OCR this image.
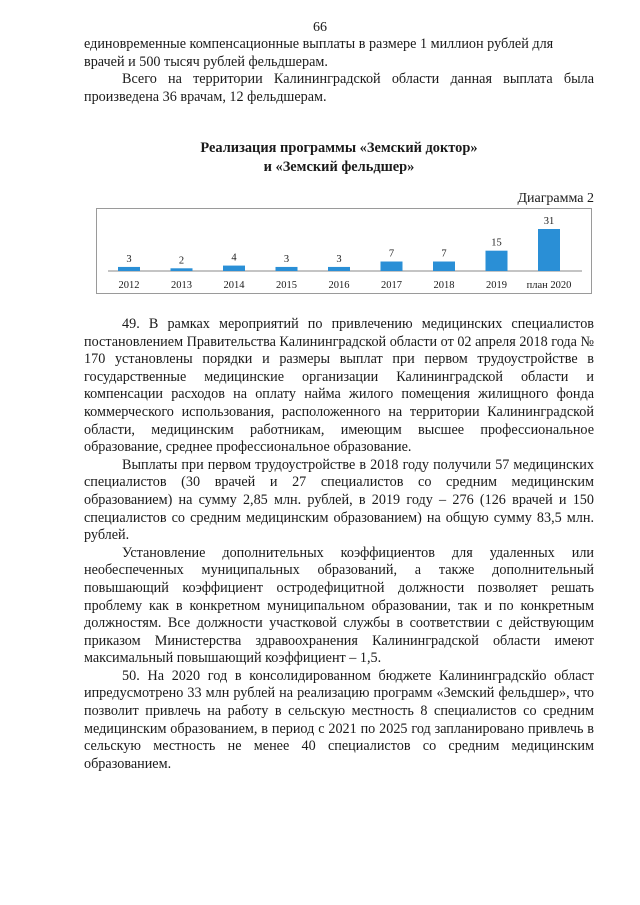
66

единовременные компенсационные выплаты в размере 1 миллион рублей для

врачей и 500 тысяч рублей фельдшерам.

Всего на территории Калининградской области данная выплата была произведена 36 врачам, 12 фельдшерам.

Реализация программы «Земский доктор»
и «Земский фельдшер»
Диаграмма 2
3
2012
2
2013
4
2014
3
2015
3
2016
7
2017
7
2018
15
2019
31
план 2020

49. В рамках мероприятий по привлечению медицинских специалистов постановлением Правительства Калининградской области от 02 апреля 2018 года № 170 установлены порядки и размеры выплат при первом трудоустройстве в государственные медицинские организации Калининградской области и компенсации расходов на оплату найма жилого помещения жилищного фонда коммерческого использования, расположенного на территории Калининградской области, медицинским работникам, имеющим высшее профессиональное образование, среднее профессиональное образование.

Выплаты при первом трудоустройстве в 2018 году получили 57 медицинских специалистов (30 врачей и 27 специалистов со средним медицинским образованием) на сумму 2,85 млн. рублей, в 2019 году – 276 (126 врачей и 150 специалистов со средним медицинским образованием) на общую сумму 83,5 млн. рублей.

Установление дополнительных коэффициентов для удаленных или необеспеченных муниципальных образований, а также дополнительный повышающий коэффициент остродефицитной должности позволяет решать проблему как в конкретном муниципальном образовании, так и по конкретным должностям. Все должности участковой службы в соответствии с действующим приказом Министерства здравоохранения Калининградской области имеют максимальный повышающий коэффициент – 1,5.

50. На 2020 год в консолидированном бюджете Калининградскйо област ипредусмотрено 33 млн рублей на реализацию программ «Земский фельдшер», что позволит привлечь на работу в сельскую местность 8 специалистов со средним медицинским образованием, в период с 2021 по 2025 год запланировано привлечь в сельскую местность не менее 40 специалистов со средним медицинским образованием.
